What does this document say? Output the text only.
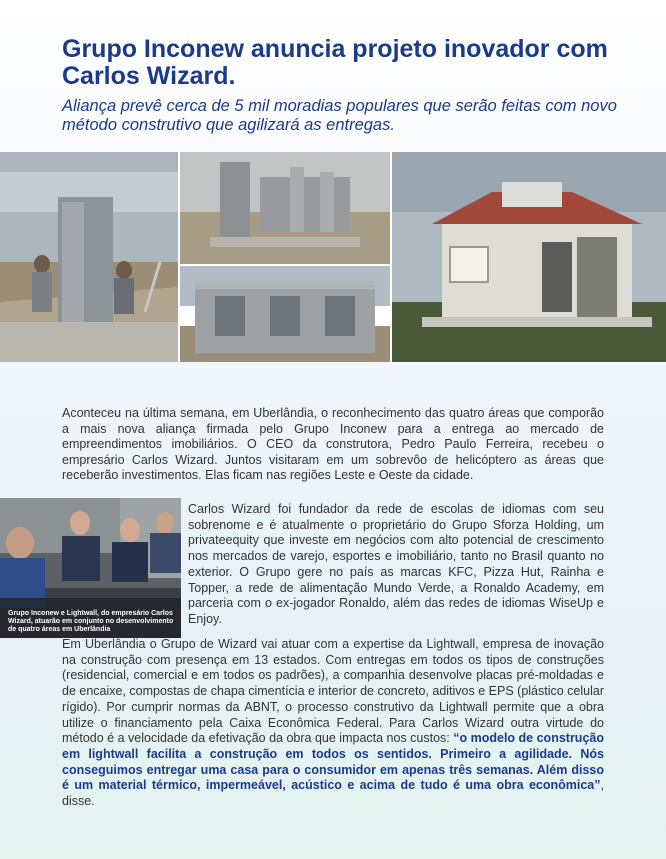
Grupo Inconew anuncia projeto inovador com Carlos Wizard.

Aliança prevê cerca de 5 mil moradias populares que serão feitas com novo método construtivo que agilizará as entregas.

Aconteceu na última semana, em Uberlândia, o reconhecimento das quatro áreas que comporão a mais nova aliança firmada pelo Grupo Inconew para a entrega ao mercado de empreendimentos imobiliários. O CEO da construtora, Pedro Paulo Ferreira, recebeu o empresário Carlos Wizard. Juntos visitaram em um sobrevôo de helicóptero as áreas que receberão investimentos. Elas ficam nas regiões Leste e Oeste da cidade.

Grupo Inconew e Lightwall, do empresário Carlos Wizard, atuarão em conjunto no desenvolvimento de quatro áreas em Uberlândia

Carlos Wizard foi fundador da rede de escolas de idiomas com seu sobrenome e é atualmente o proprietário do Grupo Sforza Holding, um privateequity que investe em negócios com alto potencial de crescimento nos mercados de varejo, esportes e imobiliário, tanto no Brasil quanto no exterior. O Grupo gere no país as marcas KFC, Pizza Hut, Rainha e Topper, a rede de alimentação Mundo Verde, a Ronaldo Academy, em parceria com o ex-jogador Ronaldo, além das redes de idiomas WiseUp e Enjoy.

Em Uberlândia o Grupo de Wizard vai atuar com a expertise da Lightwall, empresa de inovação na construção com presença em 13 estados. Com entregas em todos os tipos de construções (residencial, comercial e em todos os padrões), a companhia desenvolve placas pré-moldadas e de encaixe, compostas de chapa cimentícia e interior de concreto, aditivos e EPS (plástico celular rígido). Por cumprir normas da ABNT, o processo construtivo da Lightwall permite que a obra utilize o financiamento pela Caixa Econômica Federal. Para Carlos Wizard outra virtude do método é a velocidade da efetivação da obra que impacta nos custos: “o modelo de construção em lightwall facilita a construção em todos os sentidos. Primeiro a agilidade. Nós conseguimos entregar uma casa para o consumidor em apenas três semanas. Além disso é um material térmico, impermeável, acústico e acima de tudo é uma obra econômica”, disse.
